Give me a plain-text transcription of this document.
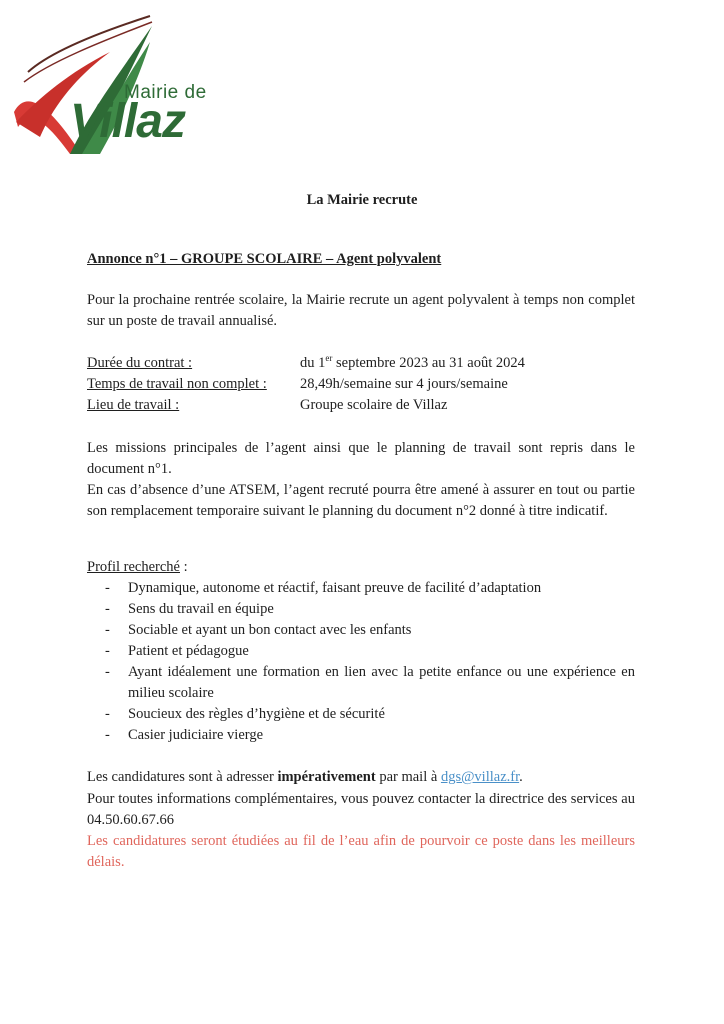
Mairie de
Villaz
La Mairie recrute
Annonce n°1 – GROUPE SCOLAIRE – Agent polyvalent
Pour la prochaine rentrée scolaire, la Mairie recrute un agent polyvalent à temps non complet sur un poste de travail annualisé.
Durée du contrat :	du 1er septembre 2023 au 31 août 2024
Temps de travail non complet : 28,49h/semaine sur 4 jours/semaine
Lieu de travail :	Groupe scolaire de Villaz
Les missions principales de l’agent ainsi que le planning de travail sont repris dans le document n°1.
En cas d’absence d’une ATSEM, l’agent recruté pourra être amené à assurer en tout ou partie son remplacement temporaire suivant le planning du document n°2 donné à titre indicatif.
Profil recherché :
- Dynamique, autonome et réactif, faisant preuve de facilité d’adaptation
- Sens du travail en équipe
- Sociable et ayant un bon contact avec les enfants
- Patient et pédagogue
- Ayant idéalement une formation en lien avec la petite enfance ou une expérience en milieu scolaire
- Soucieux des règles d’hygiène et de sécurité
- Casier judiciaire vierge
Les candidatures sont à adresser impérativement par mail à dgs@villaz.fr.
Pour toutes informations complémentaires, vous pouvez contacter la directrice des services au 04.50.60.67.66
Les candidatures seront étudiées au fil de l’eau afin de pourvoir ce poste dans les meilleurs délais.
